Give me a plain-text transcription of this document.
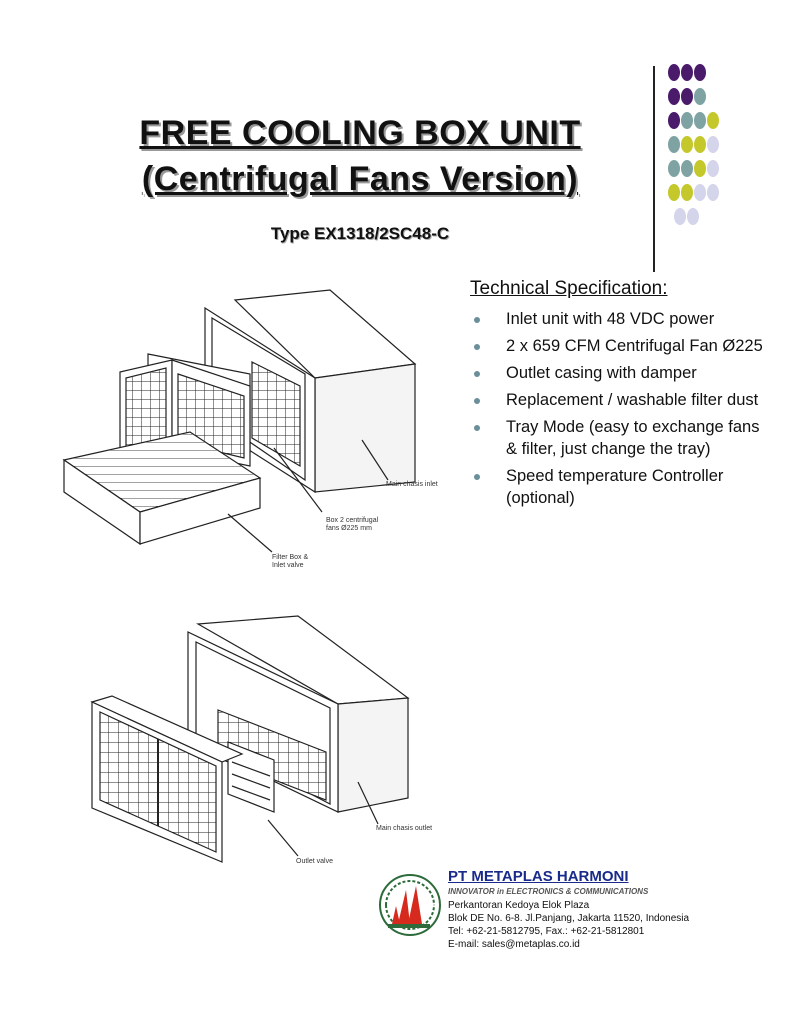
FREE COOLING BOX UNIT
(Centrifugal Fans Version)
Type EX1318/2SC48-C
Technical Specification:
Inlet unit with 48 VDC power
2 x 659 CFM Centrifugal Fan Ø225
Outlet casing with damper
Replacement / washable filter dust
Tray Mode (easy to exchange fans & filter, just change the tray)
Speed temperature Controller (optional)
Main chasis inlet
Box 2 centrifugal
fans Ø225 mm
Filter Box &
Inlet valve
Main chasis outlet
Outlet valve
PT METAPLAS HARMONI
INNOVATOR in ELECTRONICS & COMMUNICATIONS
Perkantoran Kedoya Elok Plaza
Blok DE No. 6-8. Jl.Panjang, Jakarta 11520, Indonesia
Tel: +62-21-5812795, Fax.: +62-21-5812801
E-mail: sales@metaplas.co.id
